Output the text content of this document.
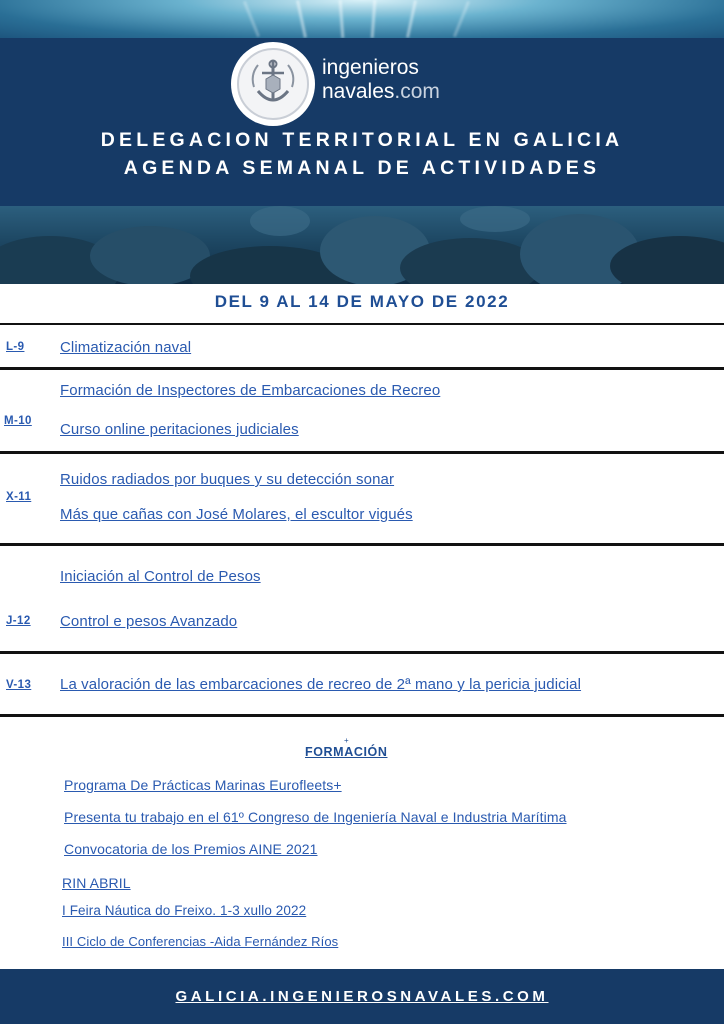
ingenieros
navales.com
DELEGACION TERRITORIAL EN GALICIA
AGENDA SEMANAL DE ACTIVIDADES
DEL 9 AL 14 DE MAYO DE 2022
L-9 Climatización naval
M-10
Formación de Inspectores de Embarcaciones de Recreo
Curso online peritaciones judiciales
X-11
Ruidos radiados por buques y su detección sonar
Más que cañas con José Molares, el escultor vigués
J-12
Iniciación al Control de Pesos
Control e pesos Avanzado
V-13 La valoración de las embarcaciones de recreo de 2ª mano y la pericia judicial
+
FORMACIÓN
Programa De Prácticas Marinas Eurofleets+
Presenta tu trabajo en el 61º Congreso de Ingeniería Naval e Industria Marítima
Convocatoria de los Premios AINE 2021
RIN ABRIL
I Feira Náutica do Freixo. 1-3 xullo 2022
III Ciclo de Conferencias -Aida Fernández Ríos
GALICIA.INGENIEROSNAVALES.COM
